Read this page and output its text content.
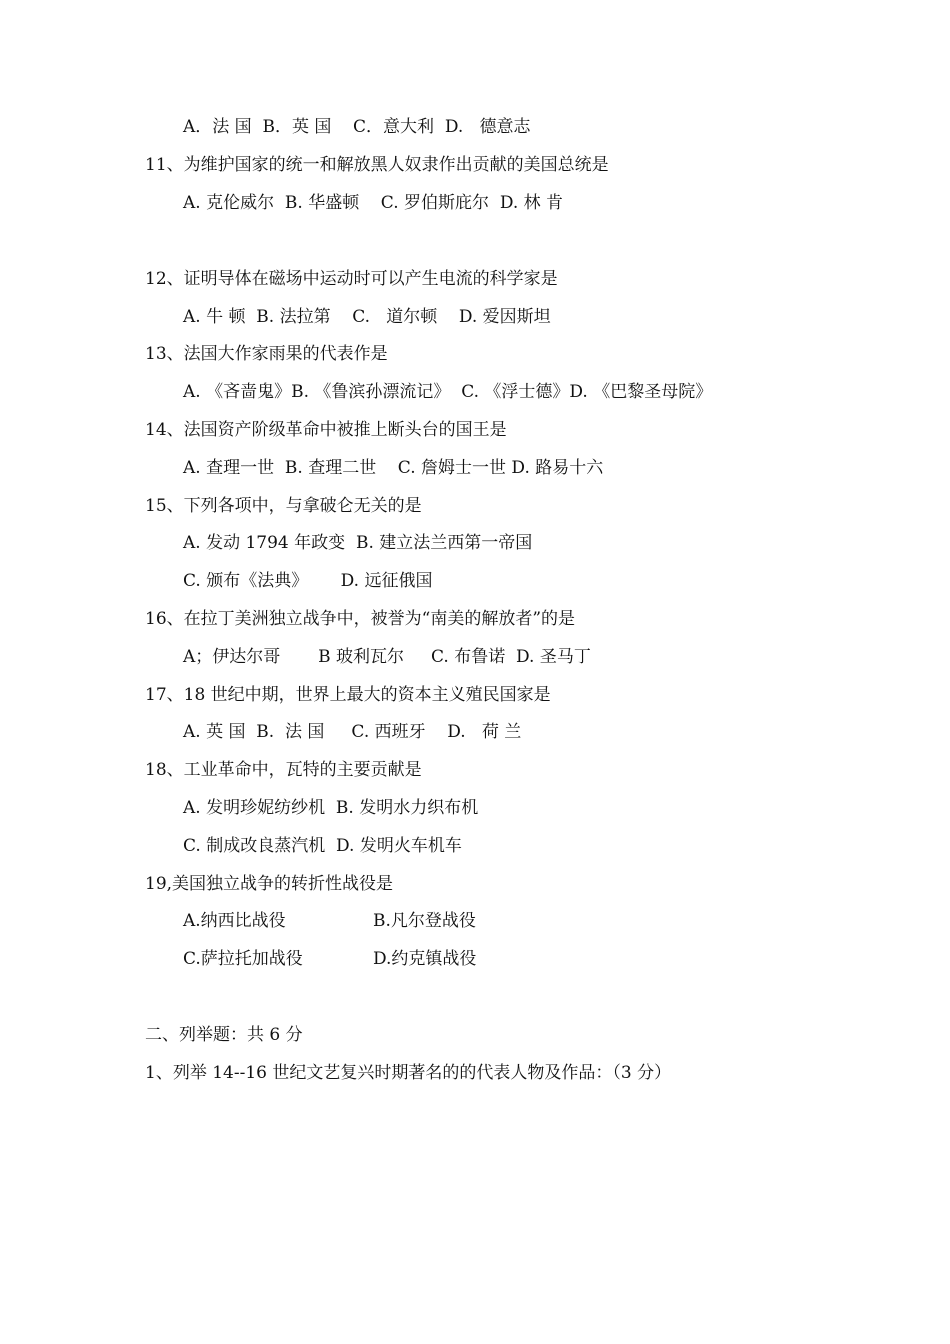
A．法 国  B．英 国    C．意大利  D.   德意志
11、为维护国家的统一和解放黑人奴隶作出贡献的美国总统是
A. 克伦威尔  B. 华盛顿    C. 罗伯斯庇尔  D. 林 肯
12、证明导体在磁场中运动时可以产生电流的科学家是
A. 牛 顿  B. 法拉第    C.   道尔顿    D. 爱因斯坦
13、法国大作家雨果的代表作是
A. 《吝啬鬼》B. 《鲁滨孙漂流记》  C. 《浮士德》D. 《巴黎圣母院》
14、法国资产阶级革命中被推上断头台的国王是
A. 查理一世  B. 查理二世    C. 詹姆士一世 D. 路易十六
15、下列各项中，与拿破仑无关的是
A. 发动 1794 年政变  B. 建立法兰西第一帝国
C. 颁布《法典》      D. 远征俄国
16、在拉丁美洲独立战争中，被誉为“南美的解放者”的是
A；伊达尔哥       B 玻利瓦尔     C. 布鲁诺  D. 圣马丁
17、18 世纪中期，世界上最大的资本主义殖民国家是
A. 英 国  B.  法 国     C. 西班牙    D.   荷 兰
18、工业革命中，瓦特的主要贡献是
A. 发明珍妮纺纱机  B. 发明水力织布机
C. 制成改良蒸汽机  D. 发明火车机车
19,美国独立战争的转折性战役是
A.纳西比战役	B.凡尔登战役
C.萨拉托加战役	D.约克镇战役
二、列举题：共 6 分
1、列举 14--16 世纪文艺复兴时期著名的的代表人物及作品：（3 分）
